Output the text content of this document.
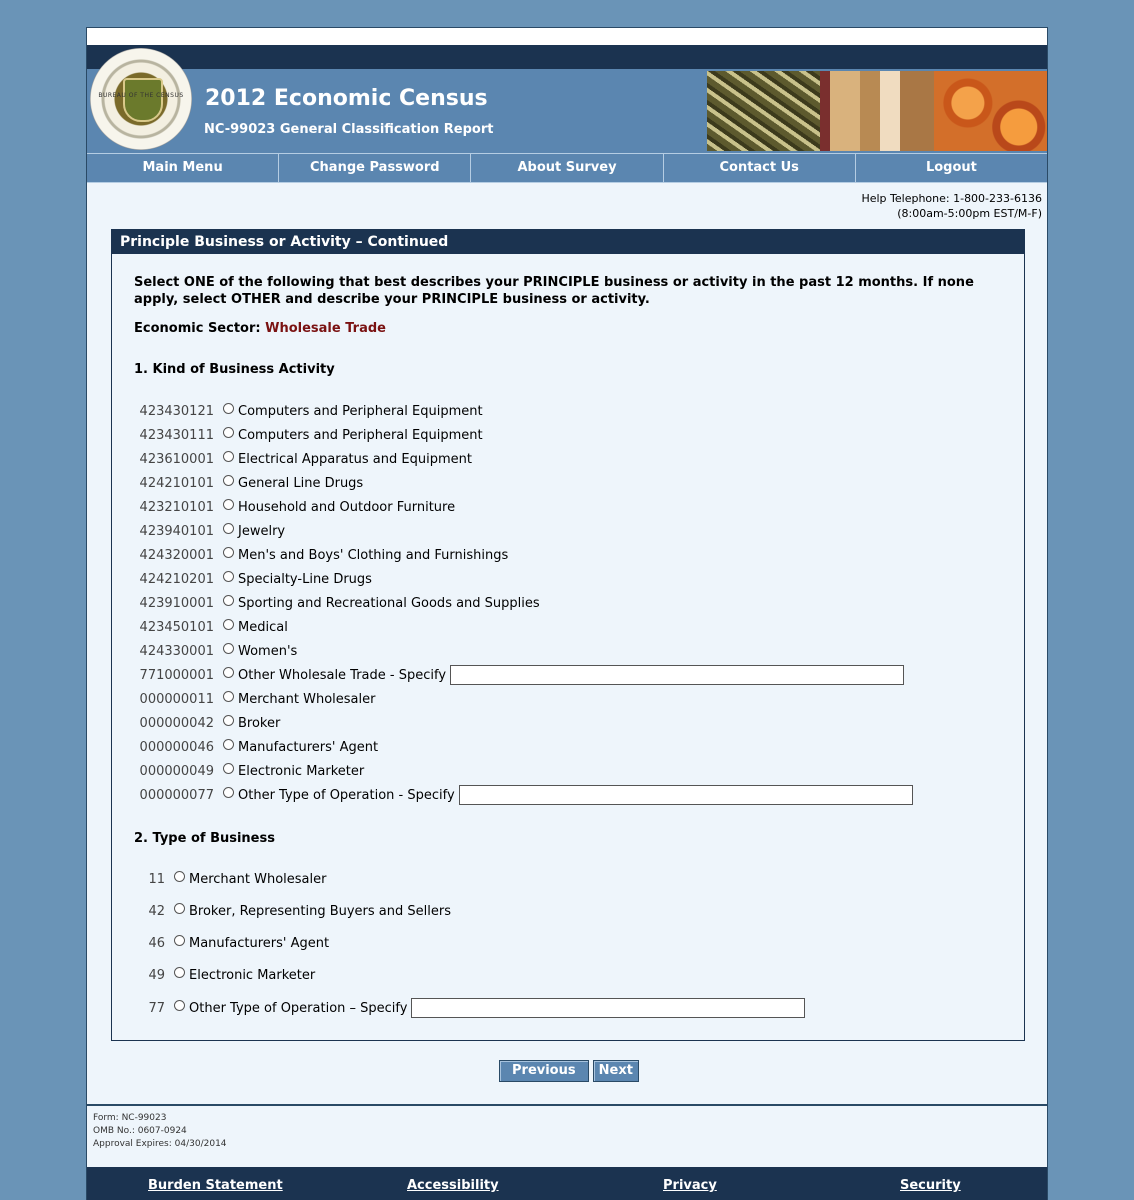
BUREAU OF THE CENSUS 2012 Economic Census
NC-99023 General Classification Report
Main Menu	Change Password	About Survey	Contact Us	Logout
Help Telephone: 1-800-233-6136
(8:00am-5:00pm EST/M-F)
Principle Business or Activity – Continued
Select ONE of the following that best describes your PRINCIPLE business or activity in the past 12 months. If none apply, select OTHER and describe your PRINCIPLE business or activity.
Economic Sector: Wholesale Trade
1. Kind of Business Activity
423430121 Computers and Peripheral Equipment
423430111 Computers and Peripheral Equipment
423610001 Electrical Apparatus and Equipment
424210101 General Line Drugs
423210101 Household and Outdoor Furniture
423940101 Jewelry
424320001 Men's and Boys' Clothing and Furnishings
424210201 Specialty-Line Drugs
423910001 Sporting and Recreational Goods and Supplies
423450101 Medical
424330001 Women's
771000001 Other Wholesale Trade - Specify
000000011 Merchant Wholesaler
000000042 Broker
000000046 Manufacturers' Agent
000000049 Electronic Marketer
000000077 Other Type of Operation - Specify
2. Type of Business
11 Merchant Wholesaler
42 Broker, Representing Buyers and Sellers
46 Manufacturers' Agent
49 Electronic Marketer
77 Other Type of Operation – Specify
Previous	Next
Form: NC-99023
OMB No.: 0607-0924
Approval Expires: 04/30/2014
Burden Statement	Accessibility	Privacy	Security
